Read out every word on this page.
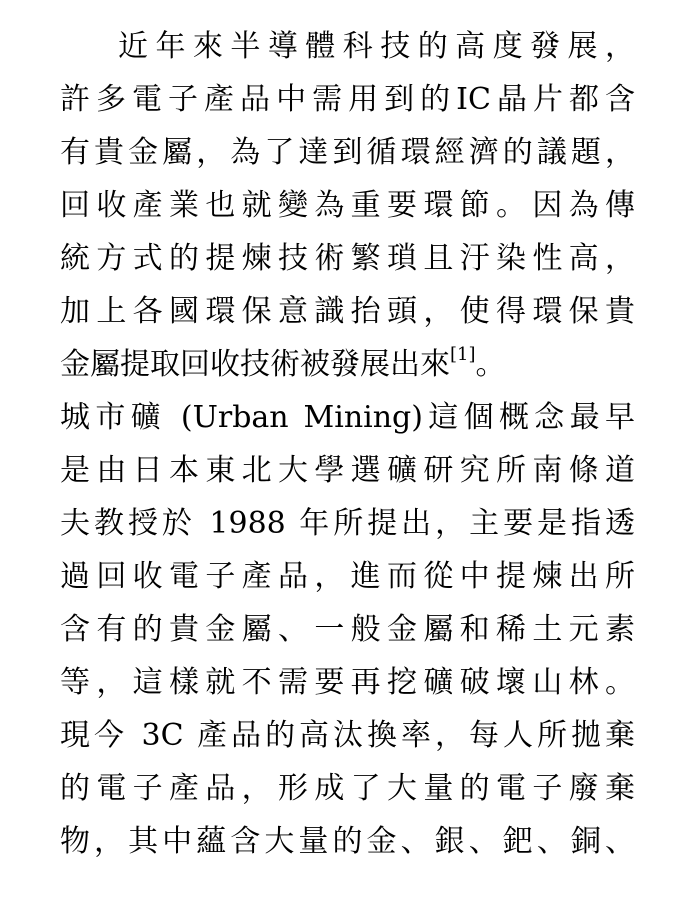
近年來半導體科技的高度發展，
許多電子產品中需用到的IC晶片都含
有貴金屬，為了達到循環經濟的議題，
回收產業也就變為重要環節。因為傳
統方式的提煉技術繁瑣且汙染性高，
加上各國環保意識抬頭，使得環保貴
金屬提取回收技術被發展出來[1]。
城市礦 (Urban Mining)這個概念最早
是由日本東北大學選礦研究所南條道
夫教授於 1988 年所提出，主要是指透
過回收電子產品，進而從中提煉出所
含有的貴金屬、一般金屬和稀土元素
等，這樣就不需要再挖礦破壞山林。
現今 3C 產品的高汰換率，每人所拋棄
的電子產品，形成了大量的電子廢棄
物，其中蘊含大量的金、銀、鈀、銅、
